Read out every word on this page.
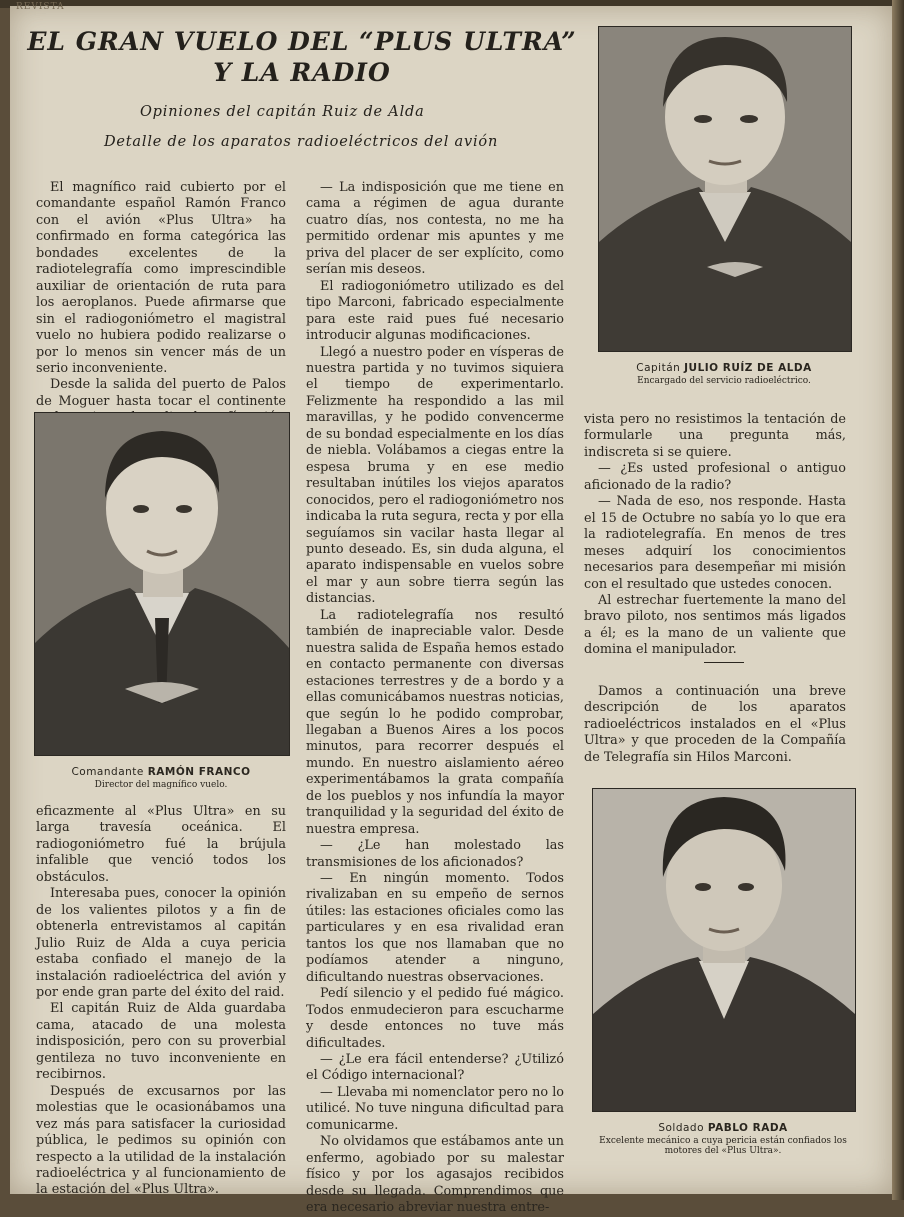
REVISTA
EL GRAN VUELO DEL “PLUS ULTRA”
Y LA RADIO
Opiniones del capitán Ruiz de Alda
Detalle de los aparatos radioeléctricos del avión

El magnífico raid cubierto por el comandante español Ramón Franco con el avión «Plus Ultra» ha confirmado en forma categórica las bondades excelentes de la radiotelegrafía como imprescindible auxiliar de orientación de ruta para los aeroplanos. Puede afirmarse que sin el radiogoniómetro el magistral vuelo no hubiera podido realizarse o por lo menos sin vencer más de un serio inconveniente.

Desde la salida del puerto de Palos de Moguer hasta tocar el continente

Comandante RAMÓN FRANCO
Director del magnífico vuelo.

eficazmente al «Plus Ultra» en su larga travesía oceánica. El radiogoniómetro fué la brújula infalible que venció todos los obstáculos.

Interesaba pues, conocer la opinión de los valientes pilotos y a fin de obtenerla entrevistamos al capitán Julio Ruiz de Alda a cuya pericia estaba confiado el manejo de la instalación radioeléctrica del avión y por ende gran parte del éxito del raid.

El capitán Ruiz de Alda guardaba cama, atacado de una molesta indisposición, pero con su proverbial gentileza no tuvo inconveniente en recibirnos.

Después de excusarnos por las molestias que le ocasionábamos una vez más para satisfacer la curiosidad pública, le pedimos su opinión con respecto a la utilidad de la instalación radioeléctrica y al funcionamiento de la estación del «Plus Ultra».

— La indisposición que me tiene en cama a régimen de agua durante cuatro días, nos contesta, no me ha permitido ordenar mis apuntes y me priva del placer de ser explícito, como serían mis deseos.

El radiogoniómetro utilizado es del tipo Marconi, fabricado especialmente para este raid pues fué necesario introducir algunas modificaciones.

Llegó a nuestro poder en vísperas de nuestra partida y no tuvimos siquiera el tiempo de experimentarlo. Felizmente ha respondido a las mil maravillas, y he podido convencerme de su bondad especialmente en los días de niebla. Volábamos a ciegas entre la espesa bruma y en ese medio resultaban inútiles los viejos aparatos conocidos, pero el radiogoniómetro nos indicaba la ruta segura, recta y por ella seguíamos sin vacilar hasta llegar al punto deseado. Es, sin duda alguna, el aparato indispensable en vuelos sobre el mar y aun sobre tierra según las distancias.

La radiotelegrafía nos resultó también de inapreciable valor. Desde nuestra salida de España hemos estado en contacto permanente con diversas estaciones terrestres y de a bordo y a ellas comunicábamos nuestras noticias, que según lo he podido comprobar, llegaban a Buenos Aires a los pocos minutos, para recorrer después el mundo. En nuestro aislamiento aéreo experimentábamos la grata compañía de los pueblos y nos infundía la mayor tranquilidad y la seguridad del éxito de nuestra empresa.

— ¿Le han molestado las transmisiones de los aficionados?

— En ningún momento. Todos rivalizaban en su empeño de sernos útiles: las estaciones oficiales como las particulares y en esa rivalidad eran tantos los que nos llamaban que no podíamos atender a ninguno, dificultando nuestras observaciones.

Pedí silencio y el pedido fué mágico. Todos enmudecieron para escucharme y desde entonces no tuve más dificultades.

— ¿Le era fácil entenderse? ¿Utilizó el Código internacional?

— Llevaba mi nomenclator pero no lo utilicé. No tuve ninguna dificultad para comunicarme.

No olvidamos que estábamos ante un enfermo, agobiado por su malestar físico y por los agasajos recibidos desde su llegada. Comprendimos que era necesario abreviar nuestra entre-

Capitán JULIO RUÍZ DE ALDA
Encargado del servicio radioeléctrico.

vista pero no resistimos la tentación de formularle una pregunta más, indiscreta si se quiere.

— ¿Es usted profesional o antiguo aficionado de la radio?

— Nada de eso, nos responde. Hasta el 15 de Octubre no sabía yo lo que era la radiotelegrafía. En menos de tres meses adquirí los conocimientos necesarios para desempeñar mi misión con el resultado que ustedes conocen.

Al estrechar fuertemente la mano del bravo piloto, nos sentimos más ligados a él; es la mano de un valiente que domina el manipulador.

Damos a continuación una breve descripción de los aparatos radioeléctricos instalados en el «Plus Ultra» y que proceden de la Compañía de Telegrafía sin Hilos Marconi.

Soldado PABLO RADA
Excelente mecánico a cuya pericia están confiados los motores del «Plus Ultra».
